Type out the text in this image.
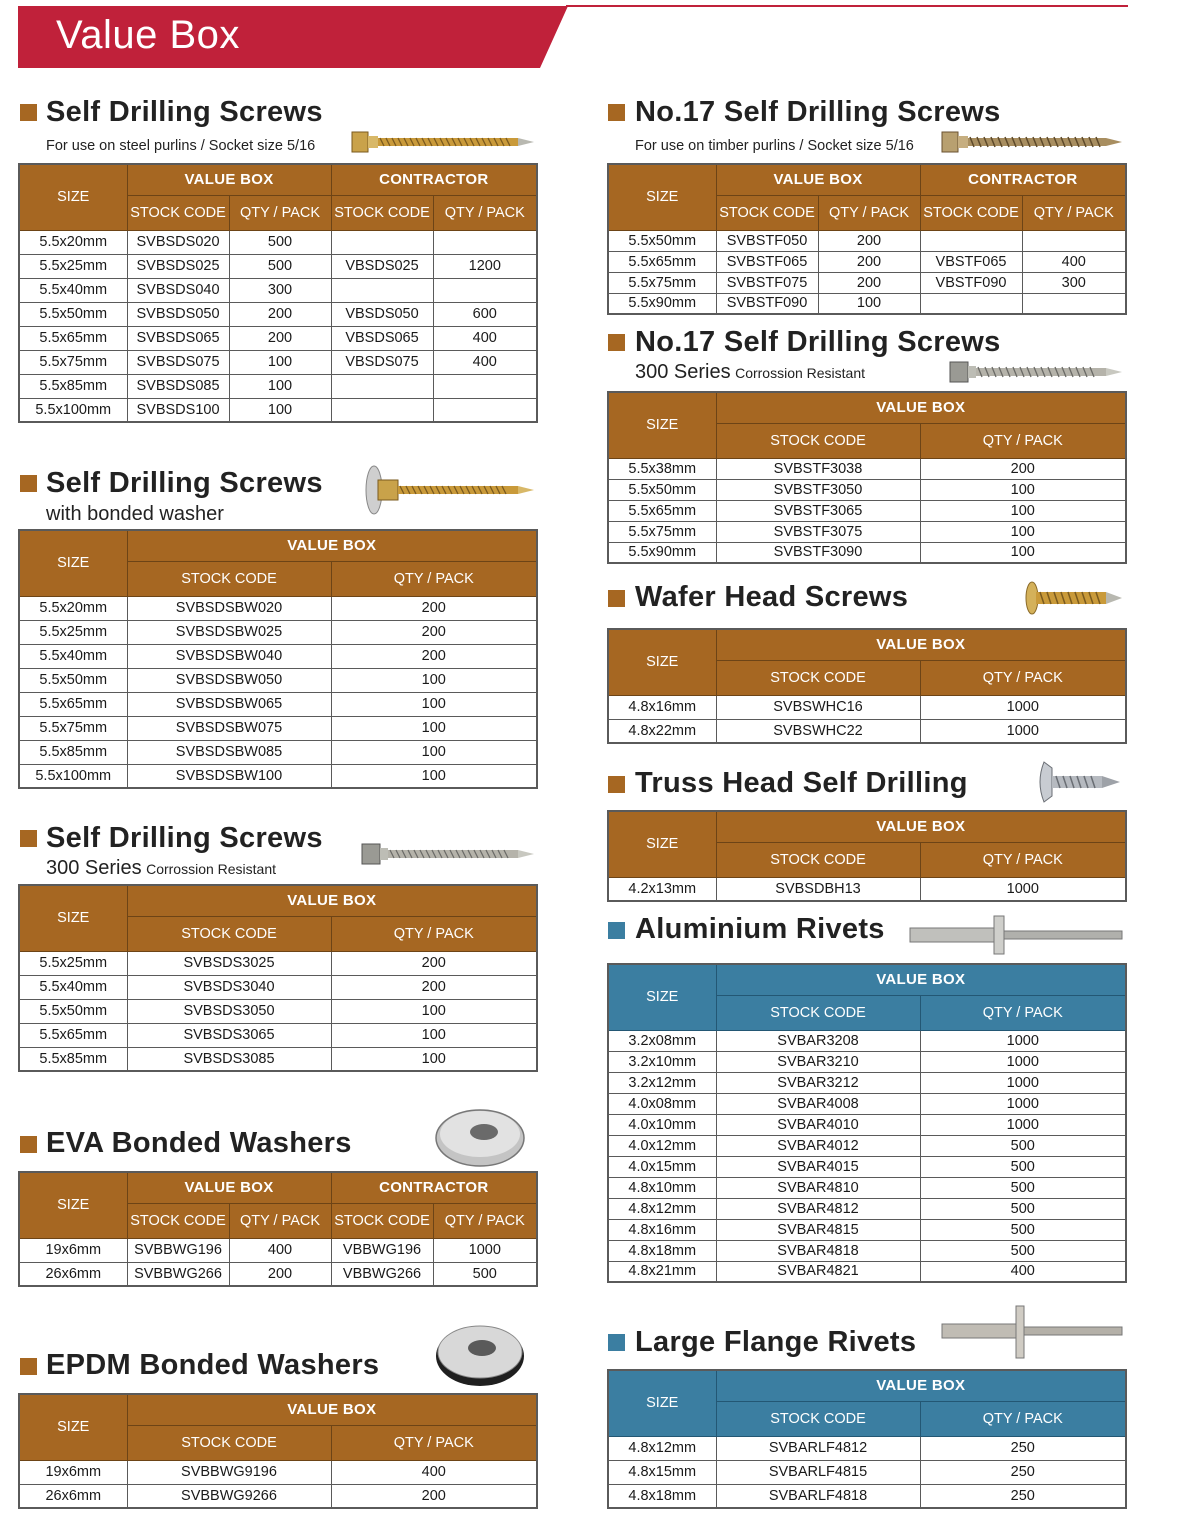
Value Box
Self Drilling Screws
For use on steel purlins / Socket size 5/16
SIZE	VALUE BOX		CONTRACTOR	
	STOCK CODE	QTY / PACK	STOCK CODE	QTY / PACK
5.5x20mm	SVBSDS020	500		
5.5x25mm	SVBSDS025	500	VBSDS025	1200
5.5x40mm	SVBSDS040	300		
5.5x50mm	SVBSDS050	200	VBSDS050	600
5.5x65mm	SVBSDS065	200	VBSDS065	400
5.5x75mm	SVBSDS075	100	VBSDS075	400
5.5x85mm	SVBSDS085	100		
5.5x100mm	SVBSDS100	100		
Self Drilling Screws
with bonded washer
SIZE	VALUE BOX	
	STOCK CODE	QTY / PACK
5.5x20mm	SVBSDSBW020	200
5.5x25mm	SVBSDSBW025	200
5.5x40mm	SVBSDSBW040	200
5.5x50mm	SVBSDSBW050	100
5.5x65mm	SVBSDSBW065	100
5.5x75mm	SVBSDSBW075	100
5.5x85mm	SVBSDSBW085	100
5.5x100mm	SVBSDSBW100	100
Self Drilling Screws
300 Series Corrossion Resistant
SIZE	VALUE BOX	
	STOCK CODE	QTY / PACK
5.5x25mm	SVBSDS3025	200
5.5x40mm	SVBSDS3040	200
5.5x50mm	SVBSDS3050	100
5.5x65mm	SVBSDS3065	100
5.5x85mm	SVBSDS3085	100
EVA Bonded Washers
SIZE	VALUE BOX		CONTRACTOR	
	STOCK CODE	QTY / PACK	STOCK CODE	QTY / PACK
19x6mm	SVBBWG196	400	VBBWG196	1000
26x6mm	SVBBWG266	200	VBBWG266	500
EPDM Bonded Washers
SIZE	VALUE BOX	
	STOCK CODE	QTY / PACK
19x6mm	SVBBWG9196	400
26x6mm	SVBBWG9266	200
No.17 Self Drilling Screws
For use on timber purlins / Socket size 5/16
SIZE	VALUE BOX		CONTRACTOR	
	STOCK CODE	QTY / PACK	STOCK CODE	QTY / PACK
5.5x50mm	SVBSTF050	200		
5.5x65mm	SVBSTF065	200	VBSTF065	400
5.5x75mm	SVBSTF075	200	VBSTF090	300
5.5x90mm	SVBSTF090	100		
No.17 Self Drilling Screws
300 Series Corrossion Resistant
SIZE	VALUE BOX	
	STOCK CODE	QTY / PACK
5.5x38mm	SVBSTF3038	200
5.5x50mm	SVBSTF3050	100
5.5x65mm	SVBSTF3065	100
5.5x75mm	SVBSTF3075	100
5.5x90mm	SVBSTF3090	100
Wafer Head Screws
SIZE	VALUE BOX	
	STOCK CODE	QTY / PACK
4.8x16mm	SVBSWHC16	1000
4.8x22mm	SVBSWHC22	1000
Truss Head Self Drilling
SIZE	VALUE BOX	
	STOCK CODE	QTY / PACK
4.2x13mm	SVBSDBH13	1000
Aluminium Rivets
SIZE	VALUE BOX	
	STOCK CODE	QTY / PACK
3.2x08mm	SVBAR3208	1000
3.2x10mm	SVBAR3210	1000
3.2x12mm	SVBAR3212	1000
4.0x08mm	SVBAR4008	1000
4.0x10mm	SVBAR4010	1000
4.0x12mm	SVBAR4012	500
4.0x15mm	SVBAR4015	500
4.8x10mm	SVBAR4810	500
4.8x12mm	SVBAR4812	500
4.8x16mm	SVBAR4815	500
4.8x18mm	SVBAR4818	500
4.8x21mm	SVBAR4821	400
Large Flange Rivets
SIZE	VALUE BOX	
	STOCK CODE	QTY / PACK
4.8x12mm	SVBARLF4812	250
4.8x15mm	SVBARLF4815	250
4.8x18mm	SVBARLF4818	250
